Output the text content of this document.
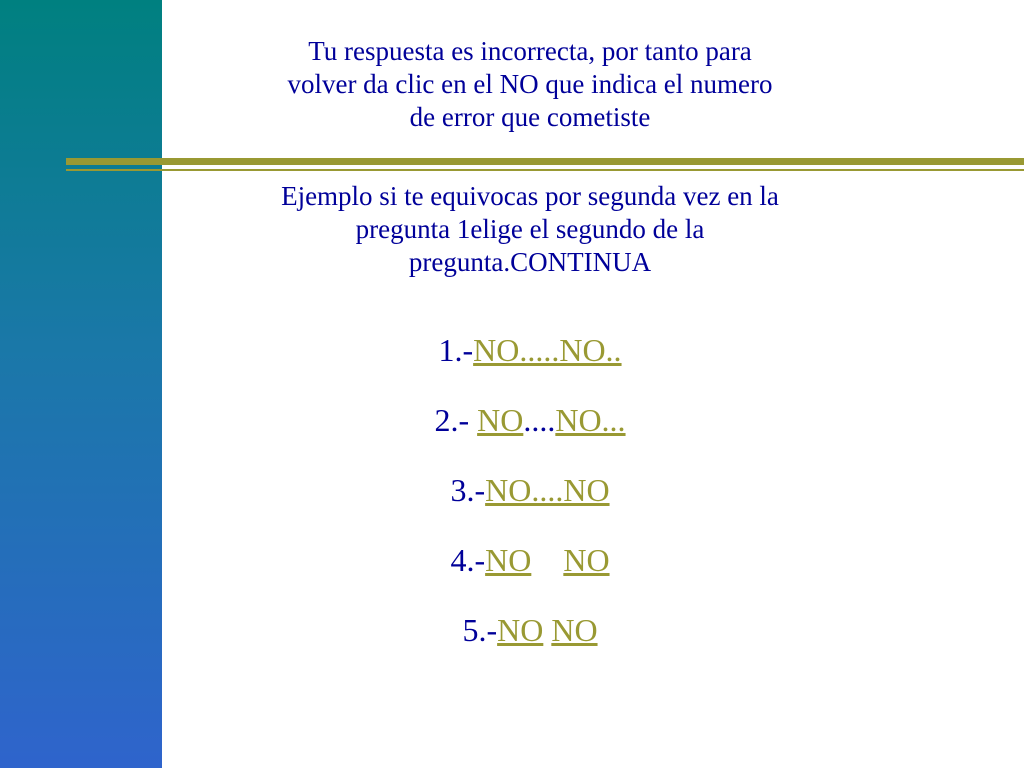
Tu respuesta es incorrecta, por tanto para
volver da clic en el NO que indica el numero
de error que cometiste

Ejemplo si te equivocas por segunda vez en la
pregunta 1elige el segundo de la
pregunta.CONTINUA

1.-NO.....NO..
2.- NO....NO...
3.-NO....NO
4.-NO NO
5.-NO NO
